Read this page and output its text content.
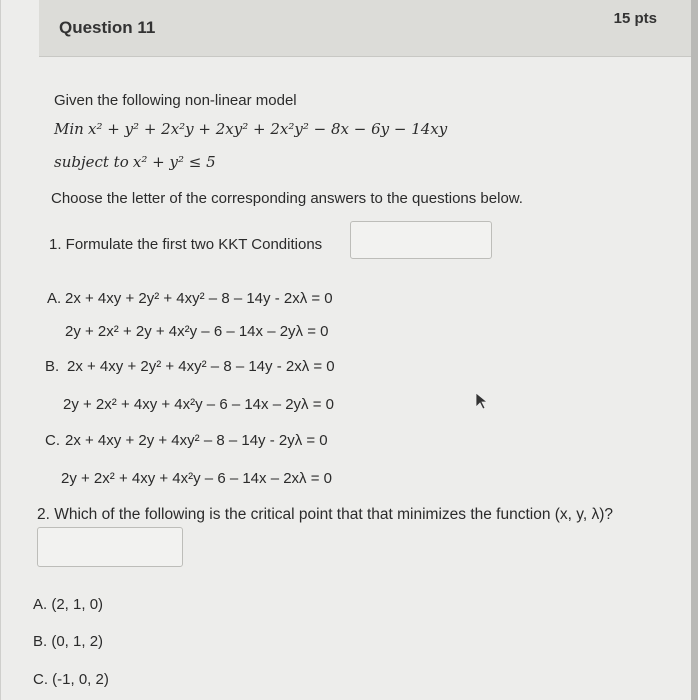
Question 11	15 pts
Given the following non-linear model
Min x² + y² + 2x²y + 2xy² + 2x²y² − 8x − 6y − 14xy
subject to x² + y² ≤ 5
Choose the letter of the corresponding answers to the questions below.
1. Formulate the first two KKT Conditions
A. 2x + 4xy + 2y² + 4xy² – 8 – 14y - 2xλ = 0
2y + 2x² + 2y + 4x²y – 6 – 14x – 2yλ = 0
B. 2x + 4xy + 2y² + 4xy² – 8 – 14y - 2xλ = 0
2y + 2x² + 4xy + 4x²y – 6 – 14x – 2yλ = 0
C. 2x + 4xy + 2y + 4xy² – 8 – 14y - 2yλ = 0
2y + 2x² + 4xy + 4x²y – 6 – 14x – 2xλ = 0
2. Which of the following is the critical point that that minimizes the function (x, y, λ)?
A. (2, 1, 0)
B. (0, 1, 2)
C. (-1, 0, 2)
